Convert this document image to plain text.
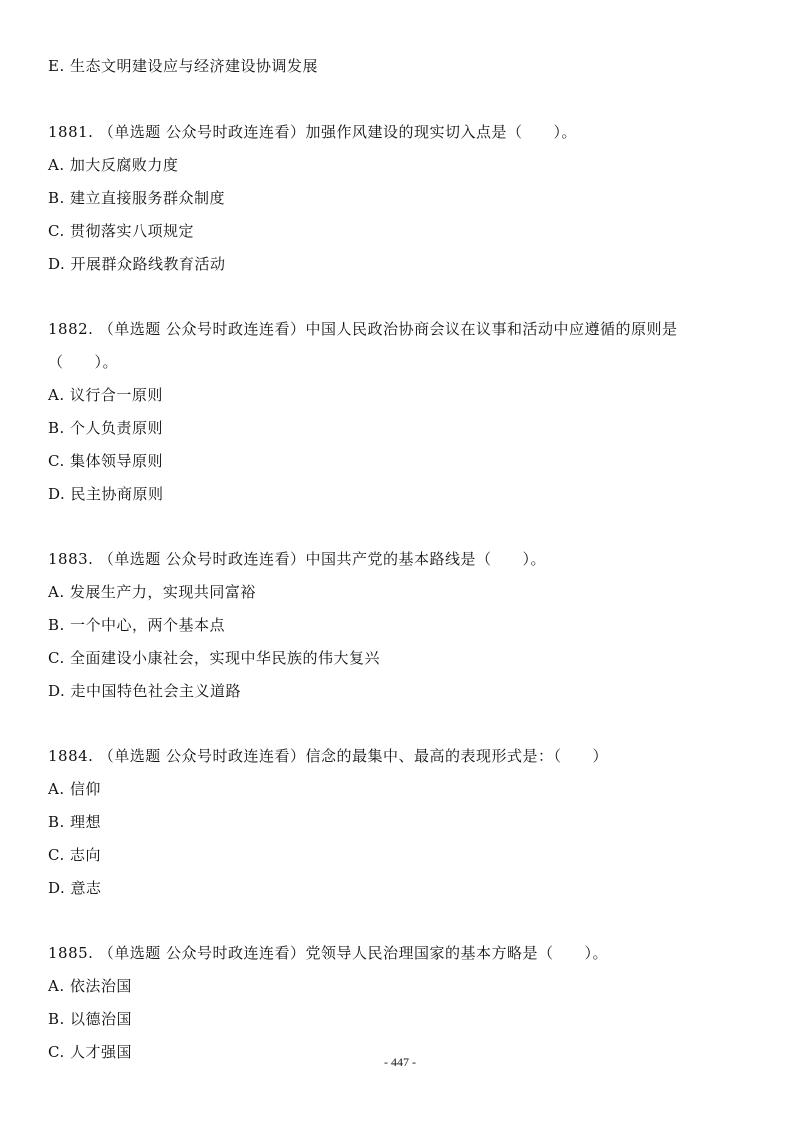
E. 生态文明建设应与经济建设协调发展
1881. （单选题 公众号时政连连看）加强作风建设的现实切入点是（　　）。
A. 加大反腐败力度
B. 建立直接服务群众制度
C. 贯彻落实八项规定
D. 开展群众路线教育活动
1882. （单选题 公众号时政连连看）中国人民政治协商会议在议事和活动中应遵循的原则是
（　　）。
A. 议行合一原则
B. 个人负责原则
C. 集体领导原则
D. 民主协商原则
1883. （单选题 公众号时政连连看）中国共产党的基本路线是（　　）。
A. 发展生产力，实现共同富裕
B. 一个中心，两个基本点
C. 全面建设小康社会，实现中华民族的伟大复兴
D. 走中国特色社会主义道路
1884. （单选题 公众号时政连连看）信念的最集中、最高的表现形式是：（　　）
A. 信仰
B. 理想
C. 志向
D. 意志
1885. （单选题 公众号时政连连看）党领导人民治理国家的基本方略是（　　）。
A. 依法治国
B. 以德治国
C. 人才强国
- 447 -
